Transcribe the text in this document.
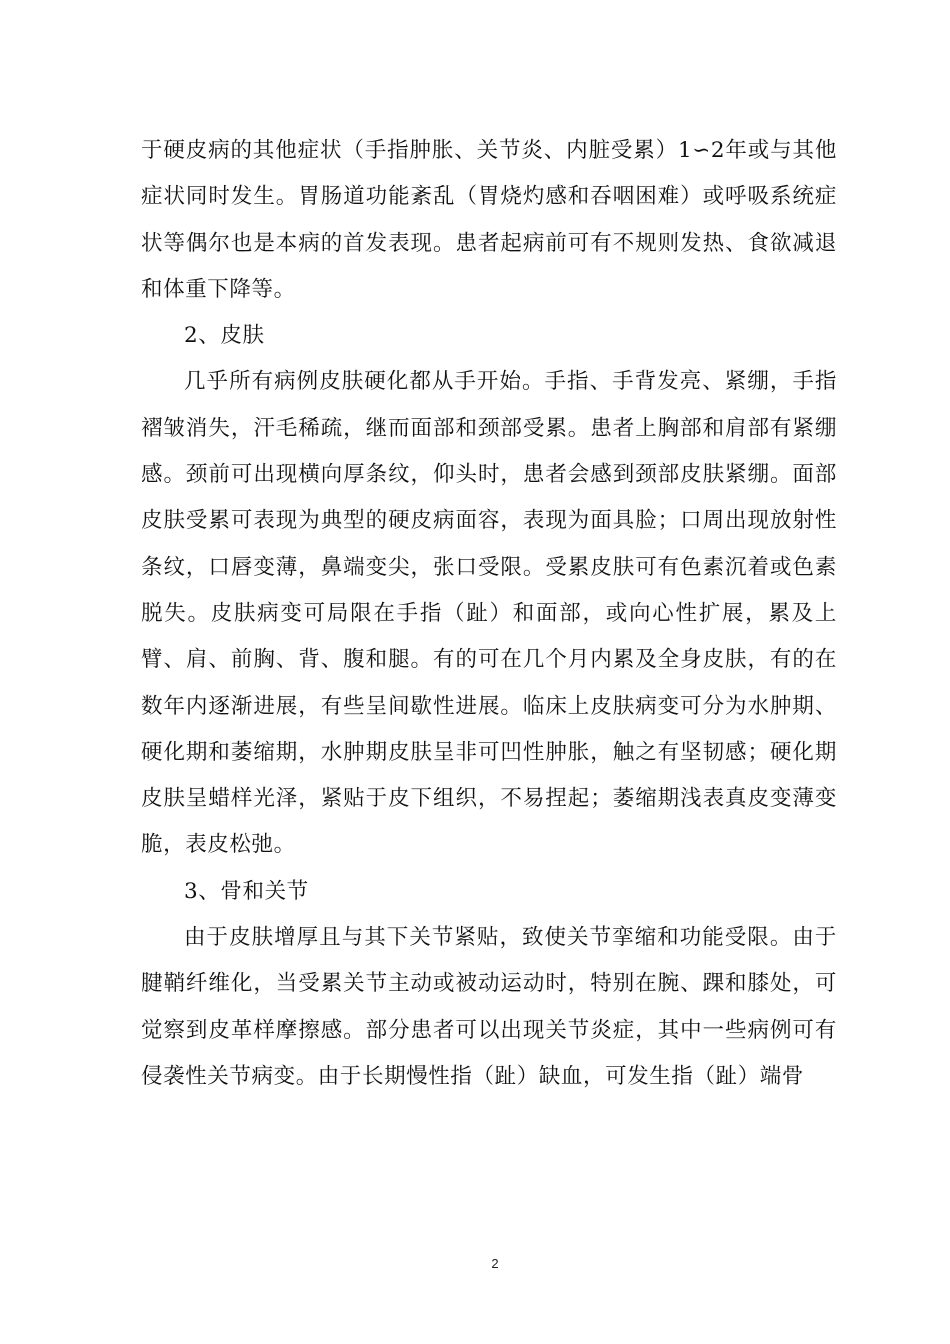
于硬皮病的其他症状（手指肿胀、关节炎、内脏受累）1∽2年或与其他症状同时发生。胃肠道功能紊乱（胃烧灼感和吞咽困难）或呼吸系统症状等偶尔也是本病的首发表现。患者起病前可有不规则发热、食欲减退和体重下降等。

2、皮肤

几乎所有病例皮肤硬化都从手开始。手指、手背发亮、紧绷，手指褶皱消失，汗毛稀疏，继而面部和颈部受累。患者上胸部和肩部有紧绷感。颈前可出现横向厚条纹，仰头时，患者会感到颈部皮肤紧绷。面部皮肤受累可表现为典型的硬皮病面容，表现为面具脸；口周出现放射性条纹，口唇变薄，鼻端变尖，张口受限。受累皮肤可有色素沉着或色素脱失。皮肤病变可局限在手指（趾）和面部，或向心性扩展，累及上臂、肩、前胸、背、腹和腿。有的可在几个月内累及全身皮肤，有的在数年内逐渐进展，有些呈间歇性进展。临床上皮肤病变可分为水肿期、硬化期和萎缩期，水肿期皮肤呈非可凹性肿胀，触之有坚韧感；硬化期皮肤呈蜡样光泽，紧贴于皮下组织，不易捏起；萎缩期浅表真皮变薄变脆，表皮松弛。

3、骨和关节

由于皮肤增厚且与其下关节紧贴，致使关节挛缩和功能受限。由于腱鞘纤维化，当受累关节主动或被动运动时，特别在腕、踝和膝处，可觉察到皮革样摩擦感。部分患者可以出现关节炎症，其中一些病例可有侵袭性关节病变。由于长期慢性指（趾）缺血，可发生指（趾）端骨

2
